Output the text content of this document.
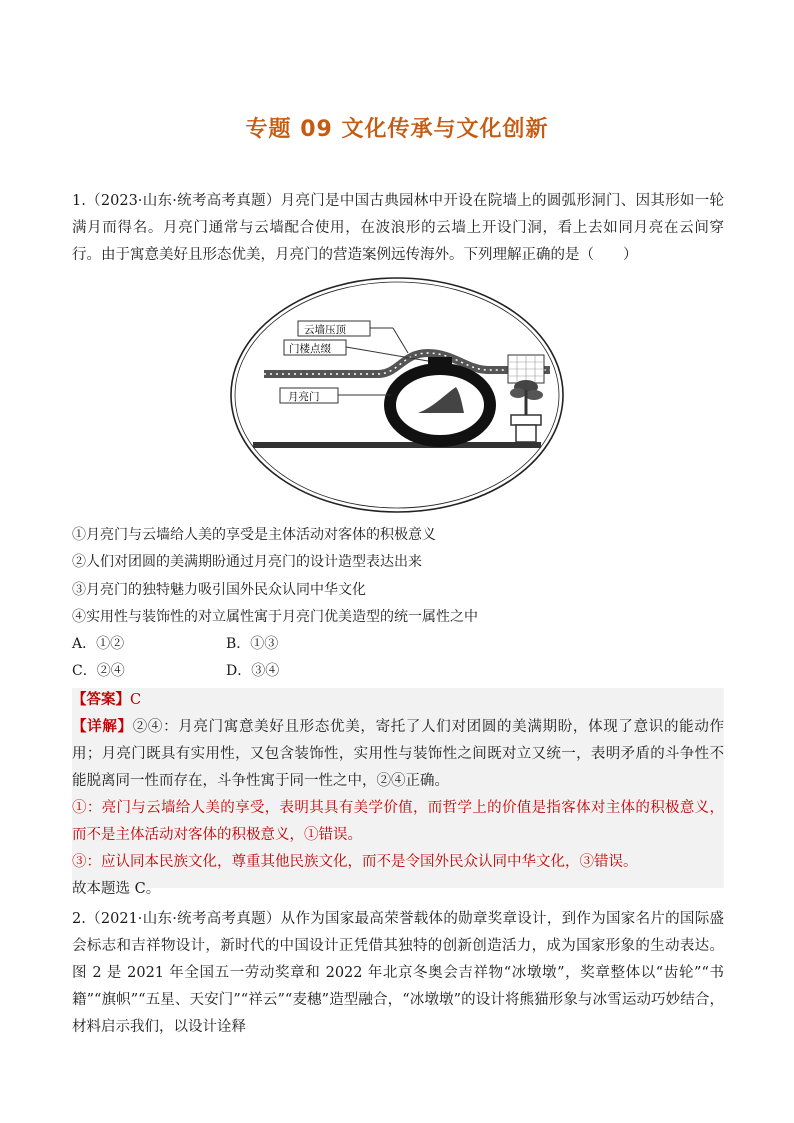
专题 09 文化传承与文化创新
1.（2023·山东·统考高考真题）月亮门是中国古典园林中开设在院墙上的圆弧形洞门、因其形如一轮满月而得名。月亮门通常与云墙配合使用，在波浪形的云墙上开设门洞，看上去如同月亮在云间穿行。由于寓意美好且形态优美，月亮门的营造案例远传海外。下列理解正确的是（　　）
云墙压顶
门楼点缀
月亮门
①月亮门与云墙给人美的享受是主体活动对客体的积极意义
②人们对团圆的美满期盼通过月亮门的设计造型表达出来
③月亮门的独特魅力吸引国外民众认同中华文化
④实用性与装饰性的对立属性寓于月亮门优美造型的统一属性之中
A．①②	B．①③
C．②④	D．③④
【答案】C
【详解】②④：月亮门寓意美好且形态优美，寄托了人们对团圆的美满期盼，体现了意识的能动作用；月亮门既具有实用性，又包含装饰性，实用性与装饰性之间既对立又统一，表明矛盾的斗争性不能脱离同一性而存在，斗争性寓于同一性之中，②④正确。
①：亮门与云墙给人美的享受，表明其具有美学价值，而哲学上的价值是指客体对主体的积极意义，而不是主体活动对客体的积极意义，①错误。
③：应认同本民族文化，尊重其他民族文化，而不是令国外民众认同中华文化，③错误。
故本题选 C。
2.（2021·山东·统考高考真题）从作为国家最高荣誉载体的勋章奖章设计，到作为国家名片的国际盛会标志和吉祥物设计，新时代的中国设计正凭借其独特的创新创造活力，成为国家形象的生动表达。图 2 是 2021 年全国五一劳动奖章和 2022 年北京冬奥会吉祥物“冰墩墩”，奖章整体以“齿轮”“书籍”“旗帜”“五星、天安门”“祥云”“麦穗”造型融合，“冰墩墩”的设计将熊猫形象与冰雪运动巧妙结合，材料启示我们，以设计诠释
